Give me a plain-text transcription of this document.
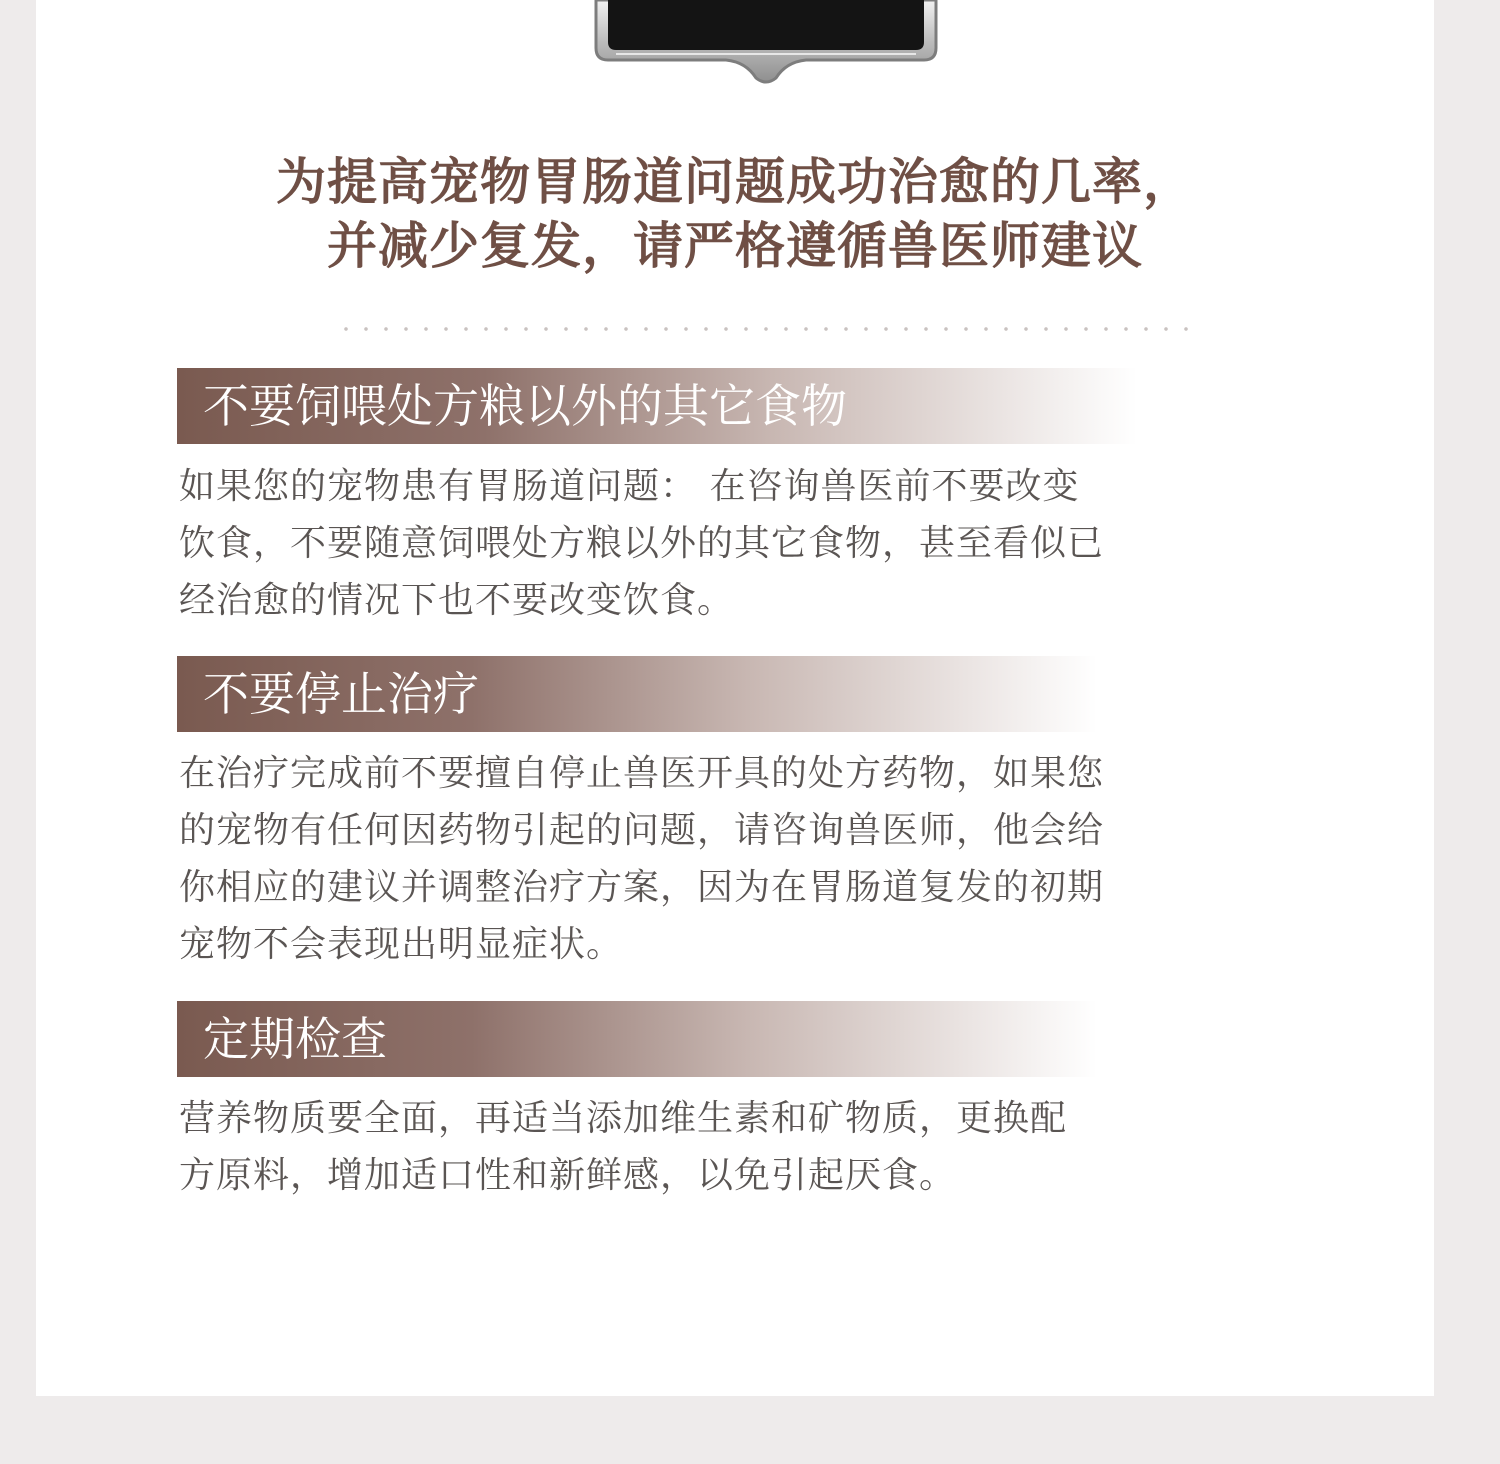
为提高宠物胃肠道问题成功治愈的几率，
并减少复发，请严格遵循兽医师建议
不要饲喂处方粮以外的其它食物
如果您的宠物患有胃肠道问题： 在咨询兽医前不要改变
饮食，不要随意饲喂处方粮以外的其它食物，甚至看似已
经治愈的情况下也不要改变饮食。
不要停止治疗
在治疗完成前不要擅自停止兽医开具的处方药物，如果您
的宠物有任何因药物引起的问题，请咨询兽医师，他会给
你相应的建议并调整治疗方案，因为在胃肠道复发的初期
宠物不会表现出明显症状。
定期检查
营养物质要全面，再适当添加维生素和矿物质，更换配
方原料，增加适口性和新鲜感，以免引起厌食。
